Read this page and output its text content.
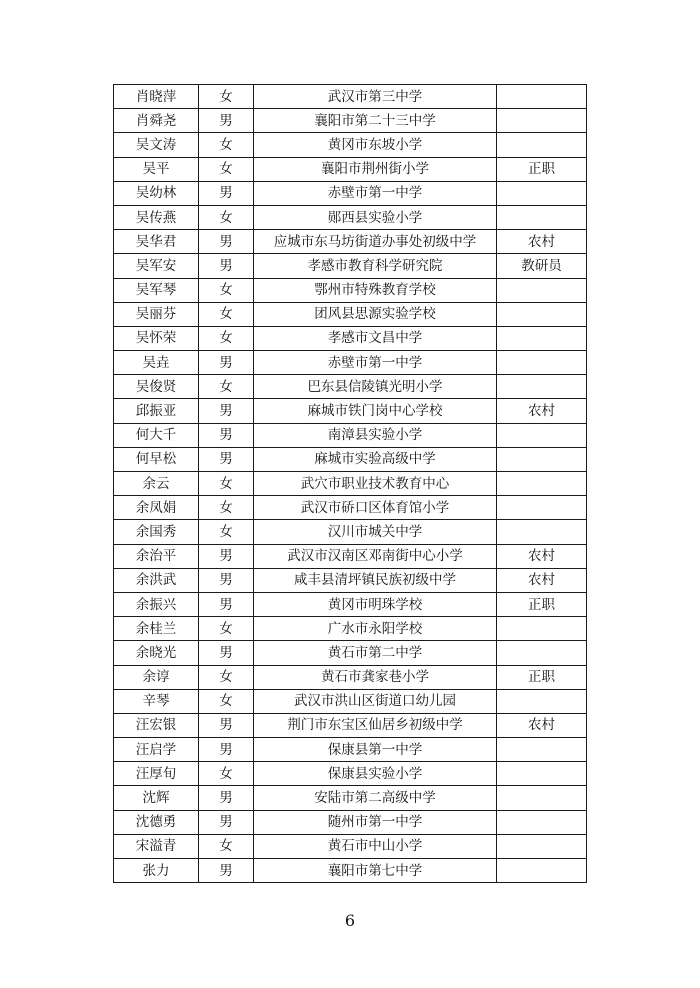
肖晓萍	女	武汉市第三中学	
肖舜尧	男	襄阳市第二十三中学	
吴文涛	女	黄冈市东坡小学	
吴平	女	襄阳市荆州街小学	正职
吴幼林	男	赤壁市第一中学	
吴传燕	女	郧西县实验小学	
吴华君	男	应城市东马坊街道办事处初级中学	农村
吴军安	男	孝感市教育科学研究院	教研员
吴军琴	女	鄂州市特殊教育学校	
吴丽芬	女	团风县思源实验学校	
吴怀荣	女	孝感市文昌中学	
吴垚	男	赤壁市第一中学	
吴俊贤	女	巴东县信陵镇光明小学	
邱振亚	男	麻城市铁门岗中心学校	农村
何大千	男	南漳县实验小学	
何早松	男	麻城市实验高级中学	
余云	女	武穴市职业技术教育中心	
余凤娟	女	武汉市硚口区体育馆小学	
余国秀	女	汉川市城关中学	
余治平	男	武汉市汉南区邓南街中心小学	农村
余洪武	男	咸丰县清坪镇民族初级中学	农村
余振兴	男	黄冈市明珠学校	正职
余桂兰	女	广水市永阳学校	
余晓光	男	黄石市第二中学	
余谆	女	黄石市龚家巷小学	正职
辛琴	女	武汉市洪山区街道口幼儿园	
汪宏银	男	荆门市东宝区仙居乡初级中学	农村
汪启学	男	保康县第一中学	
汪厚旬	女	保康县实验小学	
沈辉	男	安陆市第二高级中学	
沈德勇	男	随州市第一中学	
宋溢青	女	黄石市中山小学	
张力	男	襄阳市第七中学	
6
